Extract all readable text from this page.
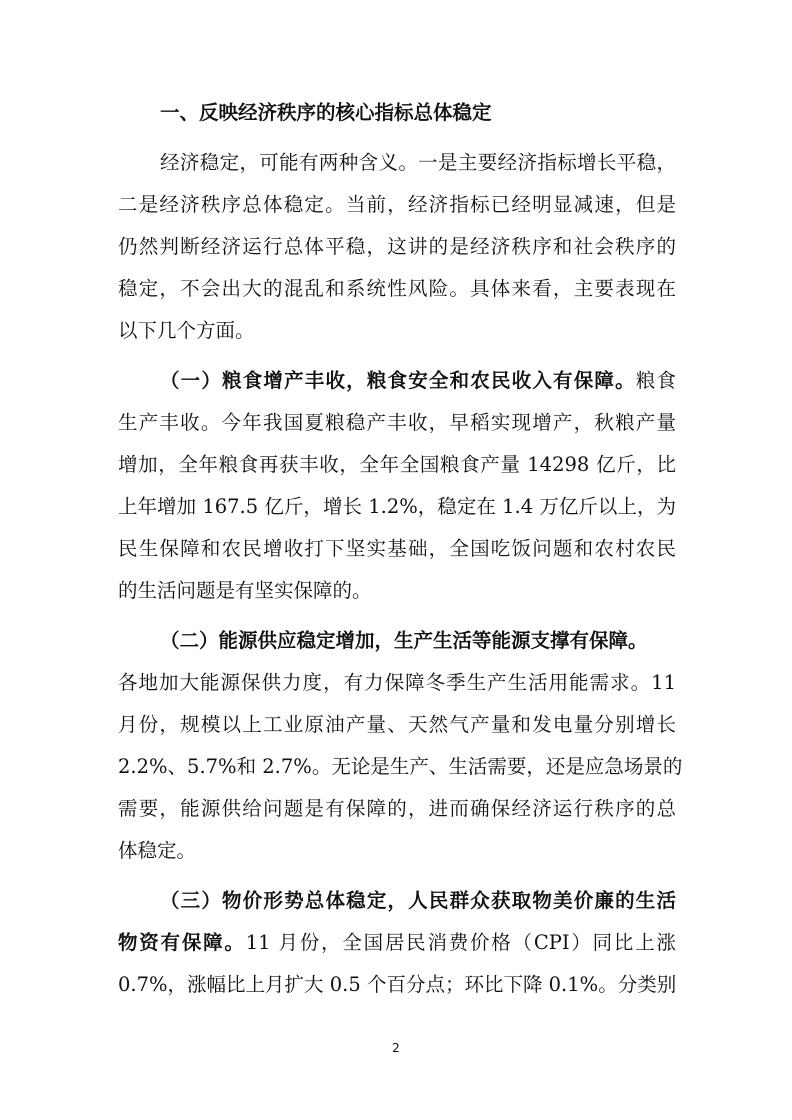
一、反映经济秩序的核心指标总体稳定
经济稳定，可能有两种含义。一是主要经济指标增长平稳，
二是经济秩序总体稳定。当前，经济指标已经明显减速，但是
仍然判断经济运行总体平稳，这讲的是经济秩序和社会秩序的
稳定，不会出大的混乱和系统性风险。具体来看，主要表现在
以下几个方面。
（一）粮食增产丰收，粮食安全和农民收入有保障。粮食
生产丰收。今年我国夏粮稳产丰收，早稻实现增产，秋粮产量
增加，全年粮食再获丰收，全年全国粮食产量 14298 亿斤，比
上年增加 167.5 亿斤，增长 1.2%，稳定在 1.4 万亿斤以上，为
民生保障和农民增收打下坚实基础，全国吃饭问题和农村农民
的生活问题是有坚实保障的。
（二）能源供应稳定增加，生产生活等能源支撑有保障。
各地加大能源保供力度，有力保障冬季生产生活用能需求。11
月份，规模以上工业原油产量、天然气产量和发电量分别增长
2.2%、5.7%和 2.7%。无论是生产、生活需要，还是应急场景的
需要，能源供给问题是有保障的，进而确保经济运行秩序的总
体稳定。
（三）物价形势总体稳定，人民群众获取物美价廉的生活
物资有保障。11 月份，全国居民消费价格（CPI）同比上涨
0.7%，涨幅比上月扩大 0.5 个百分点；环比下降 0.1%。分类别
2
